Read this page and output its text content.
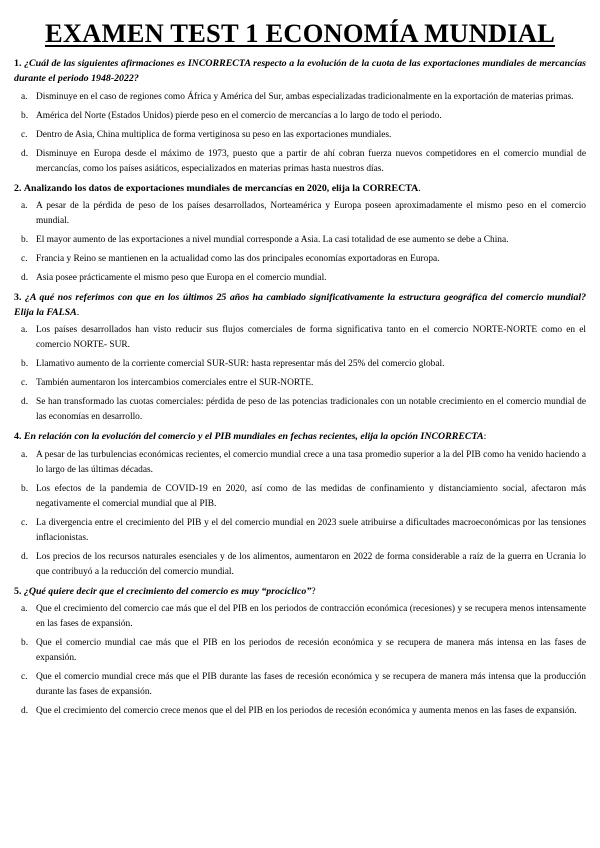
EXAMEN TEST 1 ECONOMÍA MUNDIAL

1. ¿Cuál de las siguientes afirmaciones es INCORRECTA respecto a la evolución de la cuota de las exportaciones mundiales de mercancías durante el periodo 1948-2022?

a. Disminuye en el caso de regiones como África y América del Sur, ambas especializadas tradicionalmente en la exportación de materias primas.
b. América del Norte (Estados Unidos) pierde peso en el comercio de mercancías a lo largo de todo el periodo.
c. Dentro de Asia, China multiplica de forma vertiginosa su peso en las exportaciones mundiales.
d. Disminuye en Europa desde el máximo de 1973, puesto que a partir de ahí cobran fuerza nuevos competidores en el comercio mundial de mercancías, como los países asiáticos, especializados en materias primas hasta nuestros días.

2. Analizando los datos de exportaciones mundiales de mercancías en 2020, elija la CORRECTA.

a. A pesar de la pérdida de peso de los países desarrollados, Norteamérica y Europa poseen aproximadamente el mismo peso en el comercio mundial.
b. El mayor aumento de las exportaciones a nivel mundial corresponde a Asia. La casi totalidad de ese aumento se debe a China.
c. Francia y Reino se mantienen en la actualidad como las dos principales economías exportadoras en Europa.
d. Asia posee prácticamente el mismo peso que Europa en el comercio mundial.

3. ¿A qué nos referimos con que en los últimos 25 años ha cambiado significativamente la estructura geográfica del comercio mundial? Elija la FALSA.

a. Los países desarrollados han visto reducir sus flujos comerciales de forma significativa tanto en el comercio NORTE-NORTE como en el comercio NORTE- SUR.
b. Llamativo aumento de la corriente comercial SUR-SUR: hasta representar más del 25% del comercio global.
c. También aumentaron los intercambios comerciales entre el SUR-NORTE.
d. Se han transformado las cuotas comerciales: pérdida de peso de las potencias tradicionales con un notable crecimiento en el comercio mundial de las economías en desarrollo.

4. En relación con la evolución del comercio y el PIB mundiales en fechas recientes, elija la opción INCORRECTA:

a. A pesar de las turbulencias económicas recientes, el comercio mundial crece a una tasa promedio superior a la del PIB como ha venido haciendo a lo largo de las últimas décadas.
b. Los efectos de la pandemia de COVID-19 en 2020, así como de las medidas de confinamiento y distanciamiento social, afectaron más negativamente el comercial mundial que al PIB.
c. La divergencia entre el crecimiento del PIB y el del comercio mundial en 2023 suele atribuirse a dificultades macroeconómicas por las tensiones inflacionistas.
d. Los precios de los recursos naturales esenciales y de los alimentos, aumentaron en 2022 de forma considerable a raíz de la guerra en Ucrania lo que contribuyó a la reducción del comercio mundial.

5. ¿Qué quiere decir que el crecimiento del comercio es muy “procíclico”?

a. Que el crecimiento del comercio cae más que el del PIB en los periodos de contracción económica (recesiones) y se recupera menos intensamente en las fases de expansión.
b. Que el comercio mundial cae más que el PIB en los periodos de recesión económica y se recupera de manera más intensa en las fases de expansión.
c. Que el comercio mundial crece más que el PIB durante las fases de recesión económica y se recupera de manera más intensa que la producción durante las fases de expansión.
d. Que el crecimiento del comercio crece menos que el del PIB en los periodos de recesión económica y aumenta menos en las fases de expansión.
